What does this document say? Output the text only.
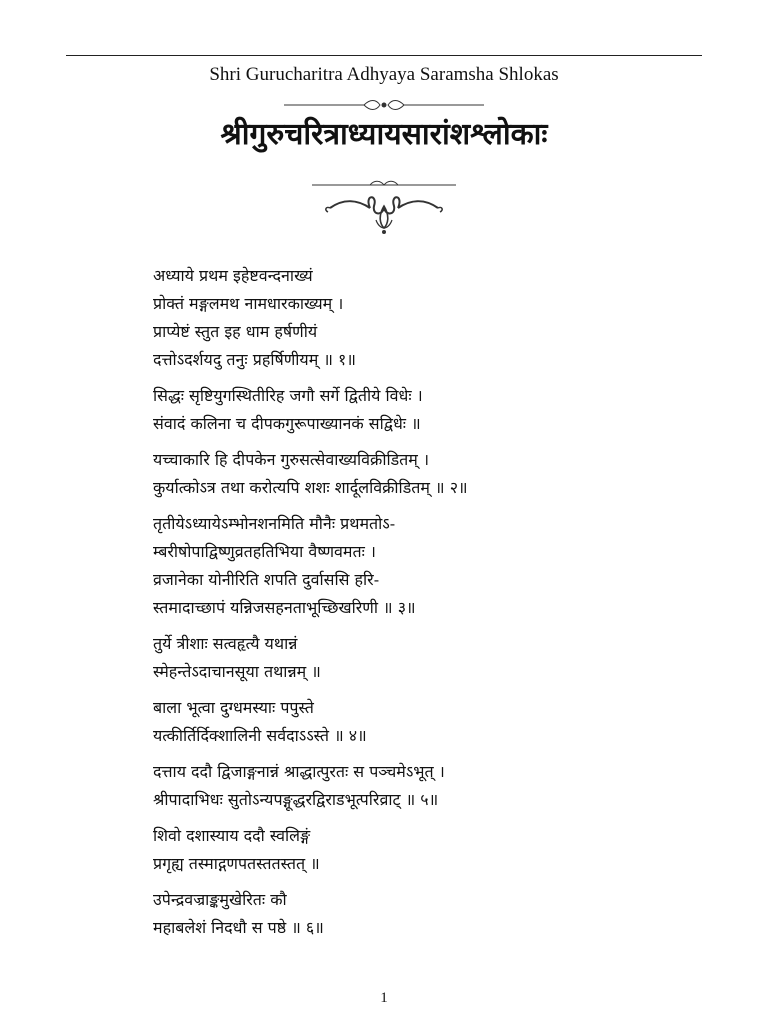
Shri Gurucharitra Adhyaya Saramsha Shlokas
श्रीगुरुचरित्राध्यायसारांशश्लोकाः
अध्याये प्रथम इहेष्टवन्दनाख्यं
प्रोक्तं मङ्गलमथ नामधारकाख्यम् ।
प्राप्येष्टं स्तुत इह धाम हर्षणीयं
दत्तोऽदर्शयदु तनुः प्रहर्षिणीयम् ॥ १॥
सिद्धः सृष्टियुगस्थितीरिह जगौ सर्गे द्वितीये विधेः ।
संवादं कलिना च दीपकगुरूपाख्यानकं सद्विधेः ॥
यच्चाकारि हि दीपकेन गुरुसत्सेवाख्यविक्रीडितम् ।
कुर्यात्कोऽत्र तथा करोत्यपि शशः शार्दूलविक्रीडितम् ॥ २॥
तृतीयेऽध्यायेऽम्भोनशनमिति मौनैः प्रथमतोऽ-
म्बरीषोपाद्विष्णुव्रतहतिभिया वैष्णवमतः ।
व्रजानेका योनीरिति शपति दुर्वाससि हरि-
स्तमादाच्छापं यन्निजसहनताभूच्छिखरिणी ॥ ३॥
तुर्ये त्रीशाः सत्वहृत्यै यथान्नं
स्मेहन्तेऽदाचानसूया तथान्नम् ॥
बाला भूत्वा दुग्धमस्याः पपुस्ते
यत्कीर्तिर्दिक्शालिनी सर्वदाऽऽस्ते ॥ ४॥
दत्ताय ददौ द्विजाङ्गनान्नं श्राद्धात्पुरतः स पञ्चमेऽभूत् ।
श्रीपादाभिधः सुतोऽन्यपङ्गूद्धरद्विराडभूत्परिव्राट् ॥ ५॥
शिवो दशास्याय ददौ स्वलिङ्गं
प्रगृह्य तस्माद्गणपतस्ततस्तत् ॥
उपेन्द्रवज्राङ्कमुखेरितः कौ
महाबलेशं निदधौ स पष्ठे ॥ ६॥
1
